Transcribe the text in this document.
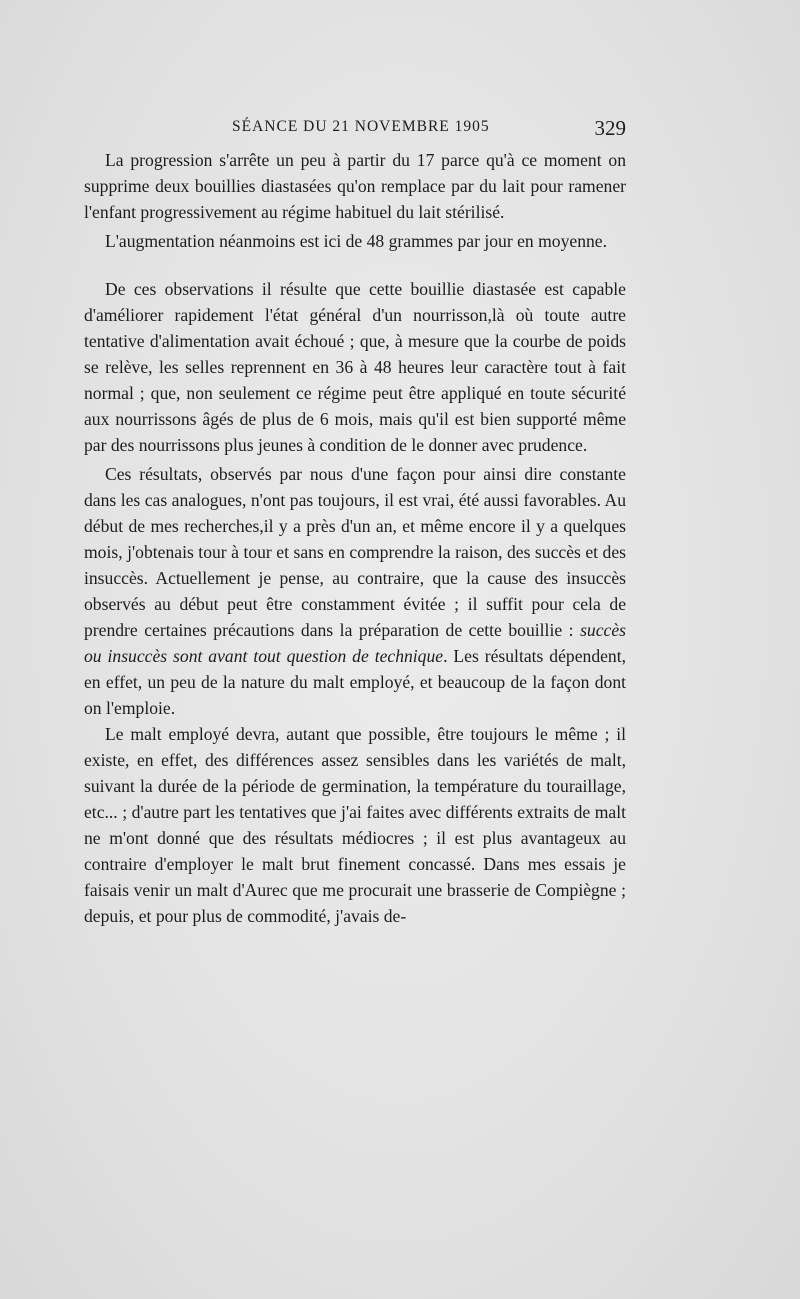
SÉANCE DU 21 NOVEMBRE 1905	329

La progression s'arrête un peu à partir du 17 parce qu'à ce moment on supprime deux bouillies diastasées qu'on remplace par du lait pour ramener l'enfant progressivement au régime habituel du lait stérilisé.

L'augmentation néanmoins est ici de 48 grammes par jour en moyenne.

De ces observations il résulte que cette bouillie diastasée est capable d'améliorer rapidement l'état général d'un nourrisson,là où toute autre tentative d'alimentation avait échoué ; que, à mesure que la courbe de poids se relève, les selles reprennent en 36 à 48 heures leur caractère tout à fait normal ; que, non seulement ce régime peut être appliqué en toute sécurité aux nourrissons âgés de plus de 6 mois, mais qu'il est bien supporté même par des nourrissons plus jeunes à condition de le donner avec prudence.

Ces résultats, observés par nous d'une façon pour ainsi dire constante dans les cas analogues, n'ont pas toujours, il est vrai, été aussi favorables. Au début de mes recherches,il y a près d'un an, et même encore il y a quelques mois, j'obtenais tour à tour et sans en comprendre la raison, des succès et des insuccès. Actuellement je pense, au contraire, que la cause des insuccès observés au début peut être constamment évitée ; il suffit pour cela de prendre certaines précautions dans la préparation de cette bouillie : succès ou insuccès sont avant tout question de technique. Les résultats dépendent, en effet, un peu de la nature du malt employé, et beaucoup de la façon dont on l'emploie.

Le malt employé devra, autant que possible, être toujours le même ; il existe, en effet, des différences assez sensibles dans les variétés de malt, suivant la durée de la période de germination, la température du touraillage, etc... ; d'autre part les tentatives que j'ai faites avec différents extraits de malt ne m'ont donné que des résultats médiocres ; il est plus avantageux au contraire d'employer le malt brut finement concassé. Dans mes essais je faisais venir un malt d'Aurec que me procurait une brasserie de Compiègne ; depuis, et pour plus de commodité, j'avais de-
